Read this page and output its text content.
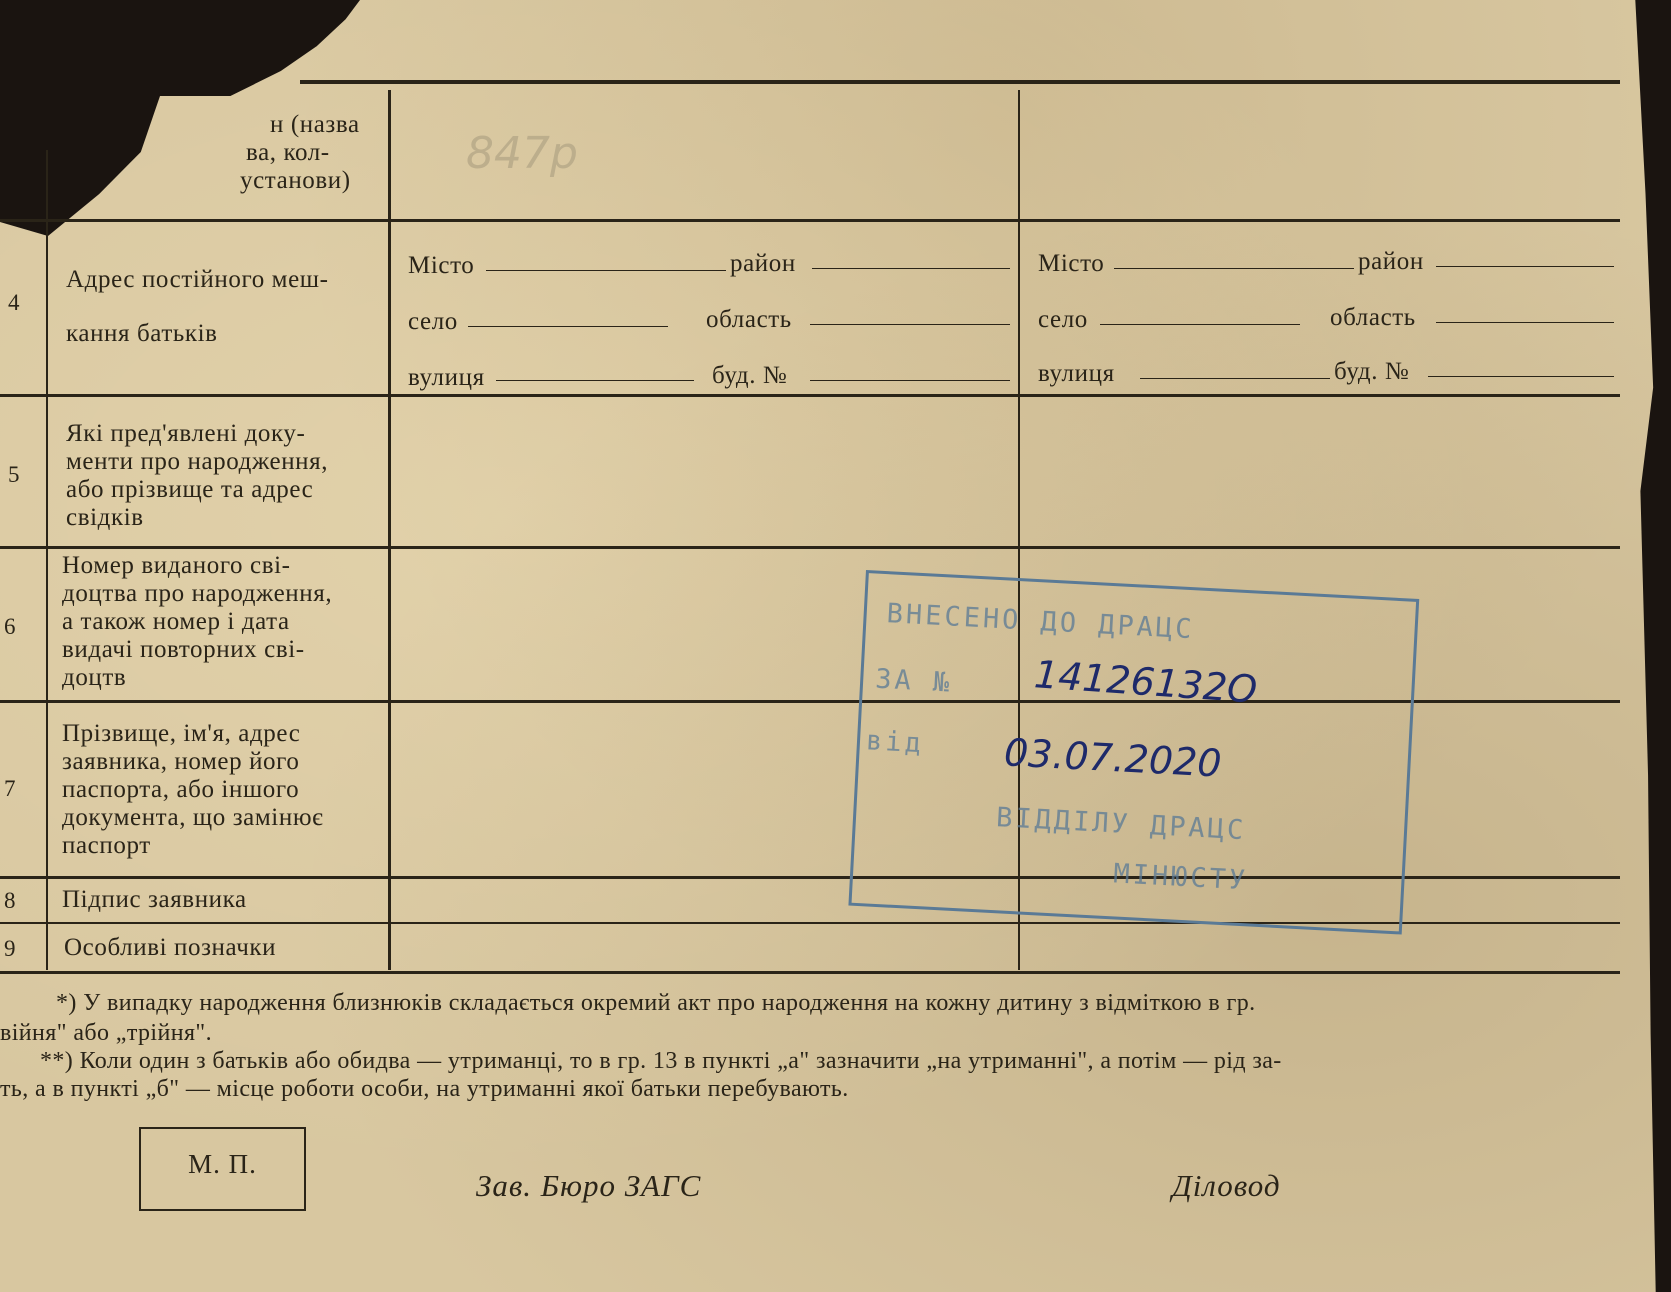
н (назва
ва, кол-
установи)
847р
4
Адрес постійного меш-
кання батьків
Місто	район
село	область
вулиця	буд. №
Місто	район
село	область
вулиця	буд. №
5
Які пред'явлені доку-
менти про народження,
або прізвище та адрес
свідків
6
Номер виданого сві-
доцтва про народження,
а також номер і дата
видачі повторних сві-
доцтв
7
Прізвище, ім'я, адрес
заявника, номер його
паспорта, або іншого
документа, що замінює
паспорт
8 Підпис заявника
9 Особливі позначки
ВНЕСЕНО ДО ДРАЦС
ЗА №
від
ВІДДІЛУ ДРАЦС
МІНЮСТУ
14126132О
03.07.2020
*) У випадку народження близнюків складається окремий акт про народження на кожну дитину з відміткою в гр.
війня" або „трійня".
**) Коли один з батьків або обидва — утриманці, то в гр. 13 в пункті „а" зазначити „на утриманні", а потім — рід за-
ть, а в пункті „б" — місце роботи особи, на утриманні якої батьки перебувають.
М. П.
Зав. Бюро ЗАГС	Діловод
